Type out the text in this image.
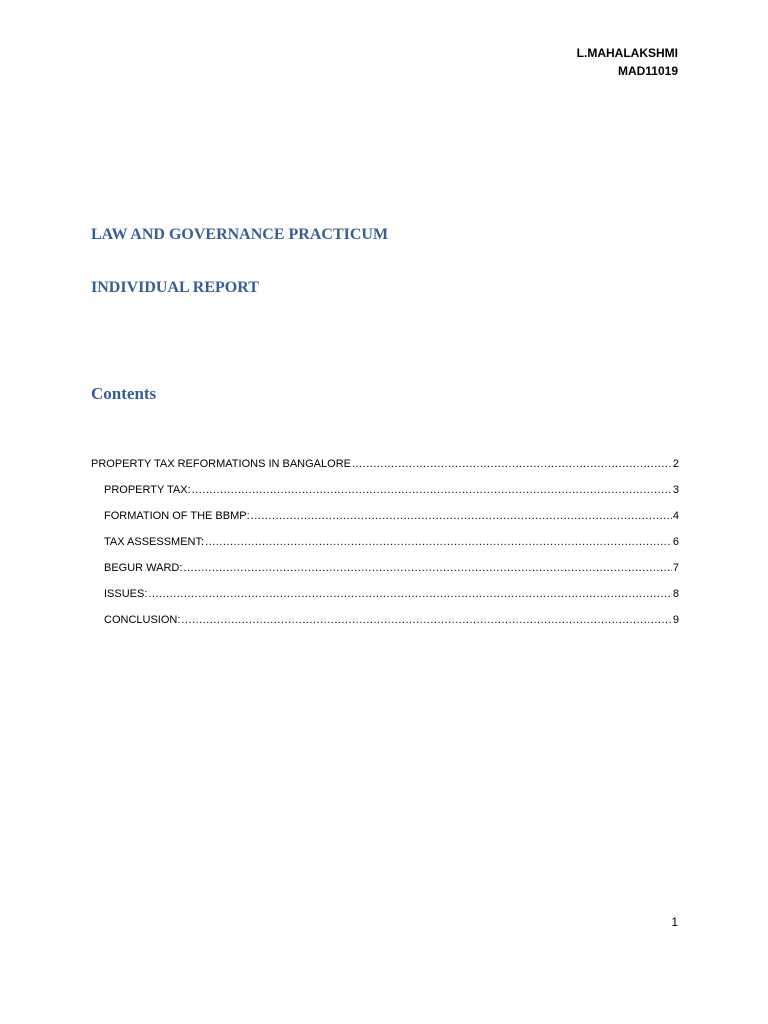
L.MAHALAKSHMI
MAD11019
LAW AND GOVERNANCE PRACTICUM
INDIVIDUAL REPORT
Contents
PROPERTY TAX REFORMATIONS IN BANGALORE .....	2
PROPERTY TAX: .....	3
FORMATION OF THE BBMP: .....	4
TAX ASSESSMENT: .....	6
BEGUR WARD: .....	7
ISSUES: .....	8
CONCLUSION: .....	9
1
